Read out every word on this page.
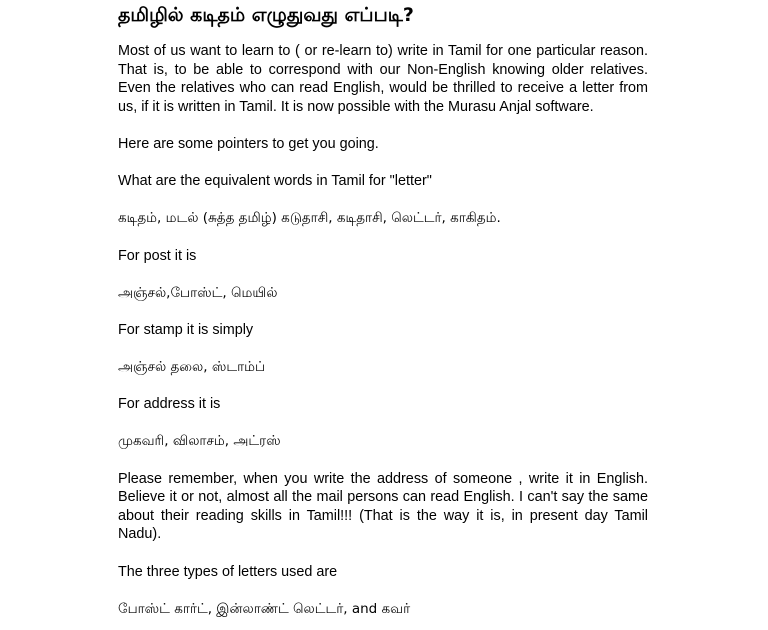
தமிழில் கடிதம் எழுதுவது எப்படி?

Most of us want to learn to ( or re-learn to) write in Tamil for one particular reason. That is, to be able to correspond with our Non-English knowing older relatives. Even the relatives who can read English, would be thrilled to receive a letter from us, if it is written in Tamil. It is now possible with the Murasu Anjal software.

Here are some pointers to get you going.

What are the equivalent words in Tamil for "letter"

கடிதம், மடல் (சுத்த தமிழ்) கடுதாசி, கடிதாசி, லெட்டர், காகிதம்.

For post it is

அஞ்சல்,போஸ்ட், மெயில்

For stamp it is simply

அஞ்சல் தலை, ஸ்டாம்ப்

For address it is

முகவரி, விலாசம், அட்ரஸ்

Please remember, when you write the address of someone , write it in English. Believe it or not, almost all the mail persons can read English. I can't say the same about their reading skills in Tamil!!! (That is the way it is, in present day Tamil Nadu).

The three types of letters used are

போஸ்ட் கார்ட், இன்லாண்ட் லெட்டர், and கவர்
